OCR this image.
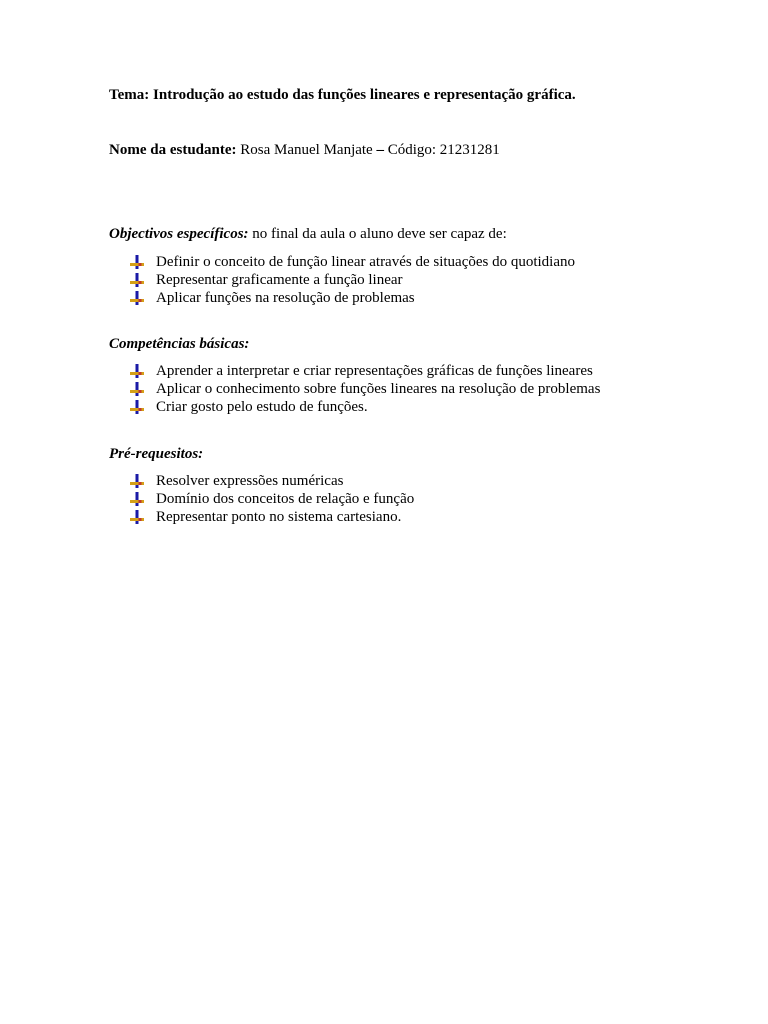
Tema: Introdução ao estudo das funções lineares e representação gráfica.
Nome da estudante: Rosa Manuel Manjate – Código: 21231281
Objectivos específicos: no final da aula o aluno deve ser capaz de:
Definir o conceito de função linear através de situações do quotidiano
Representar graficamente a função linear
Aplicar funções na resolução de problemas
Competências básicas:
Aprender a interpretar e criar representações gráficas de funções lineares
Aplicar o conhecimento sobre funções lineares na resolução de problemas
Criar gosto pelo estudo de funções.
Pré-requesitos:
Resolver expressões numéricas
Domínio dos conceitos de relação e função
Representar ponto no sistema cartesiano.
